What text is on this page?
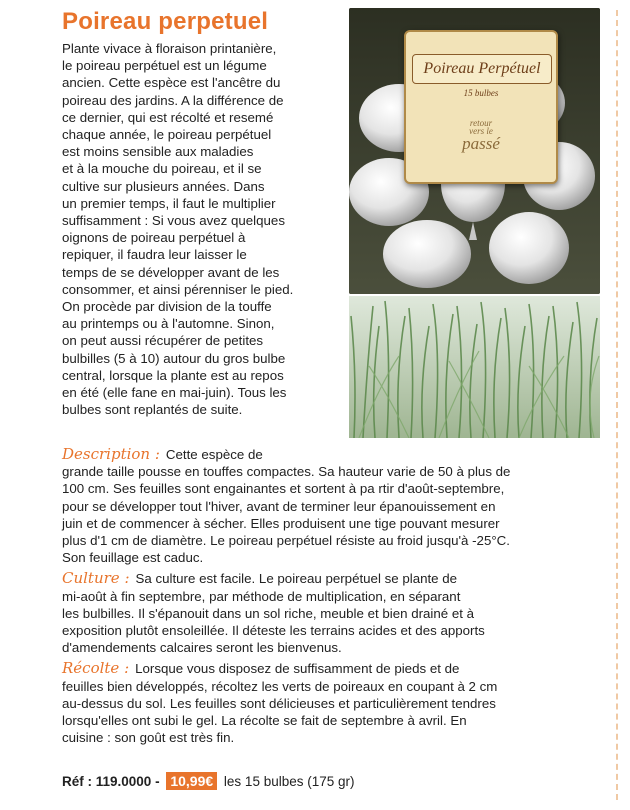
Poireau perpetuel
Plante vivace à floraison printanière,
le poireau perpétuel est un légume
ancien. Cette espèce est l'ancêtre du
poireau des jardins. A la différence de
ce dernier, qui est récolté et resemé
chaque année, le poireau perpétuel
est moins sensible aux maladies
et à la mouche du poireau, et il se
cultive sur plusieurs années. Dans
un premier temps, il faut le multiplier
suffisamment : Si vous avez quelques
oignons de poireau perpétuel à
repiquer, il faudra leur laisser le
temps de se développer avant de les
consommer, et ainsi pérenniser le pied.
On procède par division de la touffe
au printemps ou à l'automne. Sinon,
on peut aussi récupérer de petites
bulbilles (5 à 10) autour du gros bulbe
central, lorsque la plante est au repos
en été (elle fane en mai-juin). Tous les
bulbes sont replantés de suite.
Poireau Perpétuel
15 bulbes
retour
vers le
passé
Description : Cette espèce de
grande taille pousse en touffes compactes. Sa hauteur varie de 50 à plus de
100 cm. Ses feuilles sont engainantes et sortent à pa rtir d'août-septembre,
pour se développer tout l'hiver, avant de terminer leur épanouissement en
juin et de commencer à sécher. Elles produisent une tige pouvant mesurer
plus d'1 cm de diamètre. Le poireau perpétuel résiste au froid jusqu'à -25°C.
Son feuillage est caduc.
Culture : Sa culture est facile. Le poireau perpétuel se plante de
mi-août à fin septembre, par méthode de multiplication, en séparant
les bulbilles. Il s'épanouit dans un sol riche, meuble et bien drainé et à
exposition plutôt ensoleillée. Il déteste les terrains acides et des apports
d'amendements calcaires seront les bienvenus.
Récolte : Lorsque vous disposez de suffisamment de pieds et de
feuilles bien développés, récoltez les verts de poireaux en coupant à 2 cm
au-dessus du sol. Les feuilles sont délicieuses et particulièrement tendres
lorsqu'elles ont subi le gel. La récolte se fait de septembre à avril. En
cuisine : son goût est très fin.
Réf : 119.0000 - 10,99€ les 15 bulbes (175 gr)
